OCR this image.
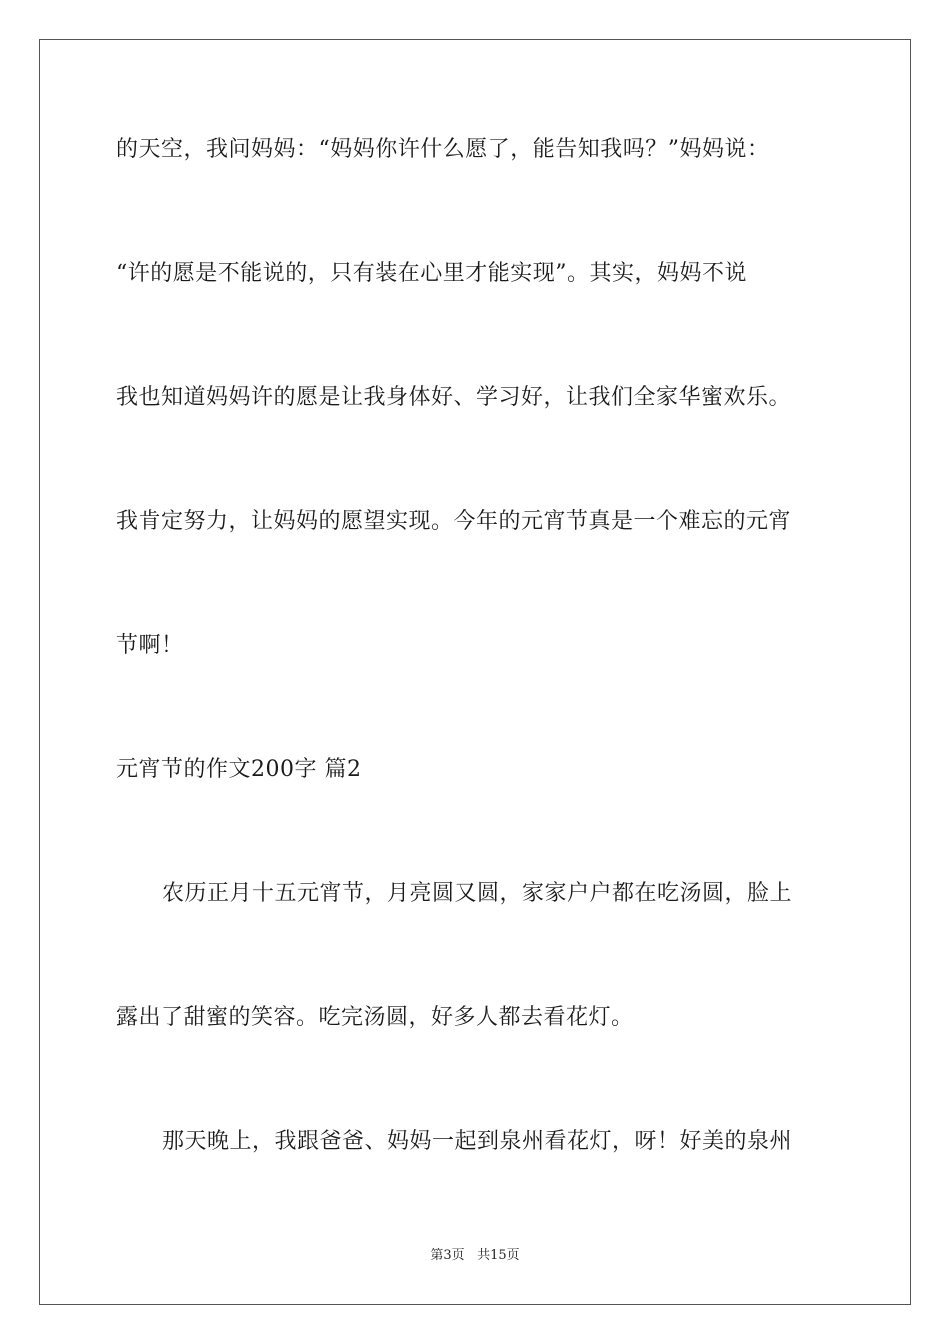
的天空，我问妈妈：“妈妈你许什么愿了，能告知我吗？”妈妈说：
“许的愿是不能说的，只有装在心里才能实现”。其实，妈妈不说
我也知道妈妈许的愿是让我身体好、学习好，让我们全家华蜜欢乐。
我肯定努力，让妈妈的愿望实现。今年的元宵节真是一个难忘的元宵
节啊！
元宵节的作文200字 篇2
农历正月十五元宵节，月亮圆又圆，家家户户都在吃汤圆，脸上
露出了甜蜜的笑容。吃完汤圆，好多人都去看花灯。
那天晚上，我跟爸爸、妈妈一起到泉州看花灯，呀！好美的泉州
第3页 共15页
